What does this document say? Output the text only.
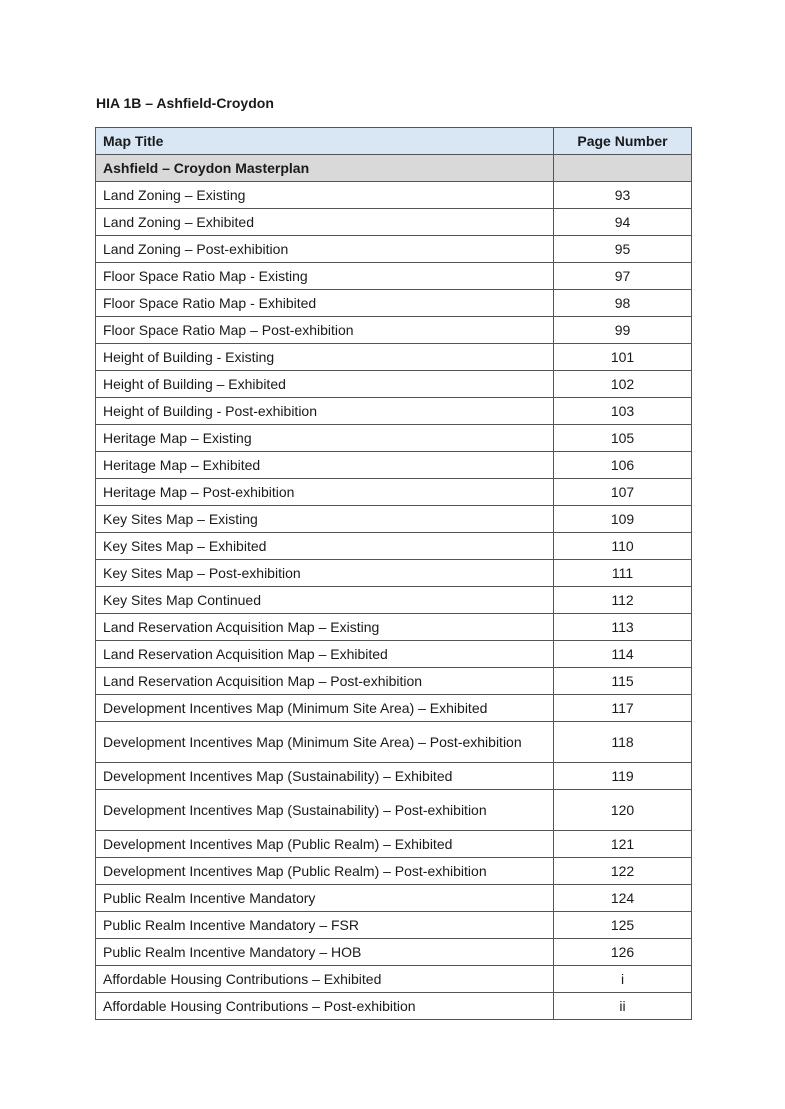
HIA 1B – Ashfield-Croydon
Map Title	Page Number
Ashfield – Croydon Masterplan	
Land Zoning – Existing	93
Land Zoning – Exhibited	94
Land Zoning – Post-exhibition	95
Floor Space Ratio Map - Existing	97
Floor Space Ratio Map - Exhibited	98
Floor Space Ratio Map – Post-exhibition	99
Height of Building - Existing	101
Height of Building – Exhibited	102
Height of Building - Post-exhibition	103
Heritage Map – Existing	105
Heritage Map – Exhibited	106
Heritage Map – Post-exhibition	107
Key Sites Map – Existing	109
Key Sites Map – Exhibited	110
Key Sites Map – Post-exhibition	111
Key Sites Map Continued	112
Land Reservation Acquisition Map – Existing	113
Land Reservation Acquisition Map – Exhibited	114
Land Reservation Acquisition Map – Post-exhibition	115
Development Incentives Map (Minimum Site Area) – Exhibited	117
Development Incentives Map (Minimum Site Area) – Post-exhibition	118
Development Incentives Map (Sustainability) – Exhibited	119
Development Incentives Map (Sustainability) – Post-exhibition	120
Development Incentives Map (Public Realm) – Exhibited	121
Development Incentives Map (Public Realm) – Post-exhibition	122
Public Realm Incentive Mandatory	124
Public Realm Incentive Mandatory – FSR	125
Public Realm Incentive Mandatory – HOB	126
Affordable Housing Contributions – Exhibited	i
Affordable Housing Contributions – Post-exhibition	ii
